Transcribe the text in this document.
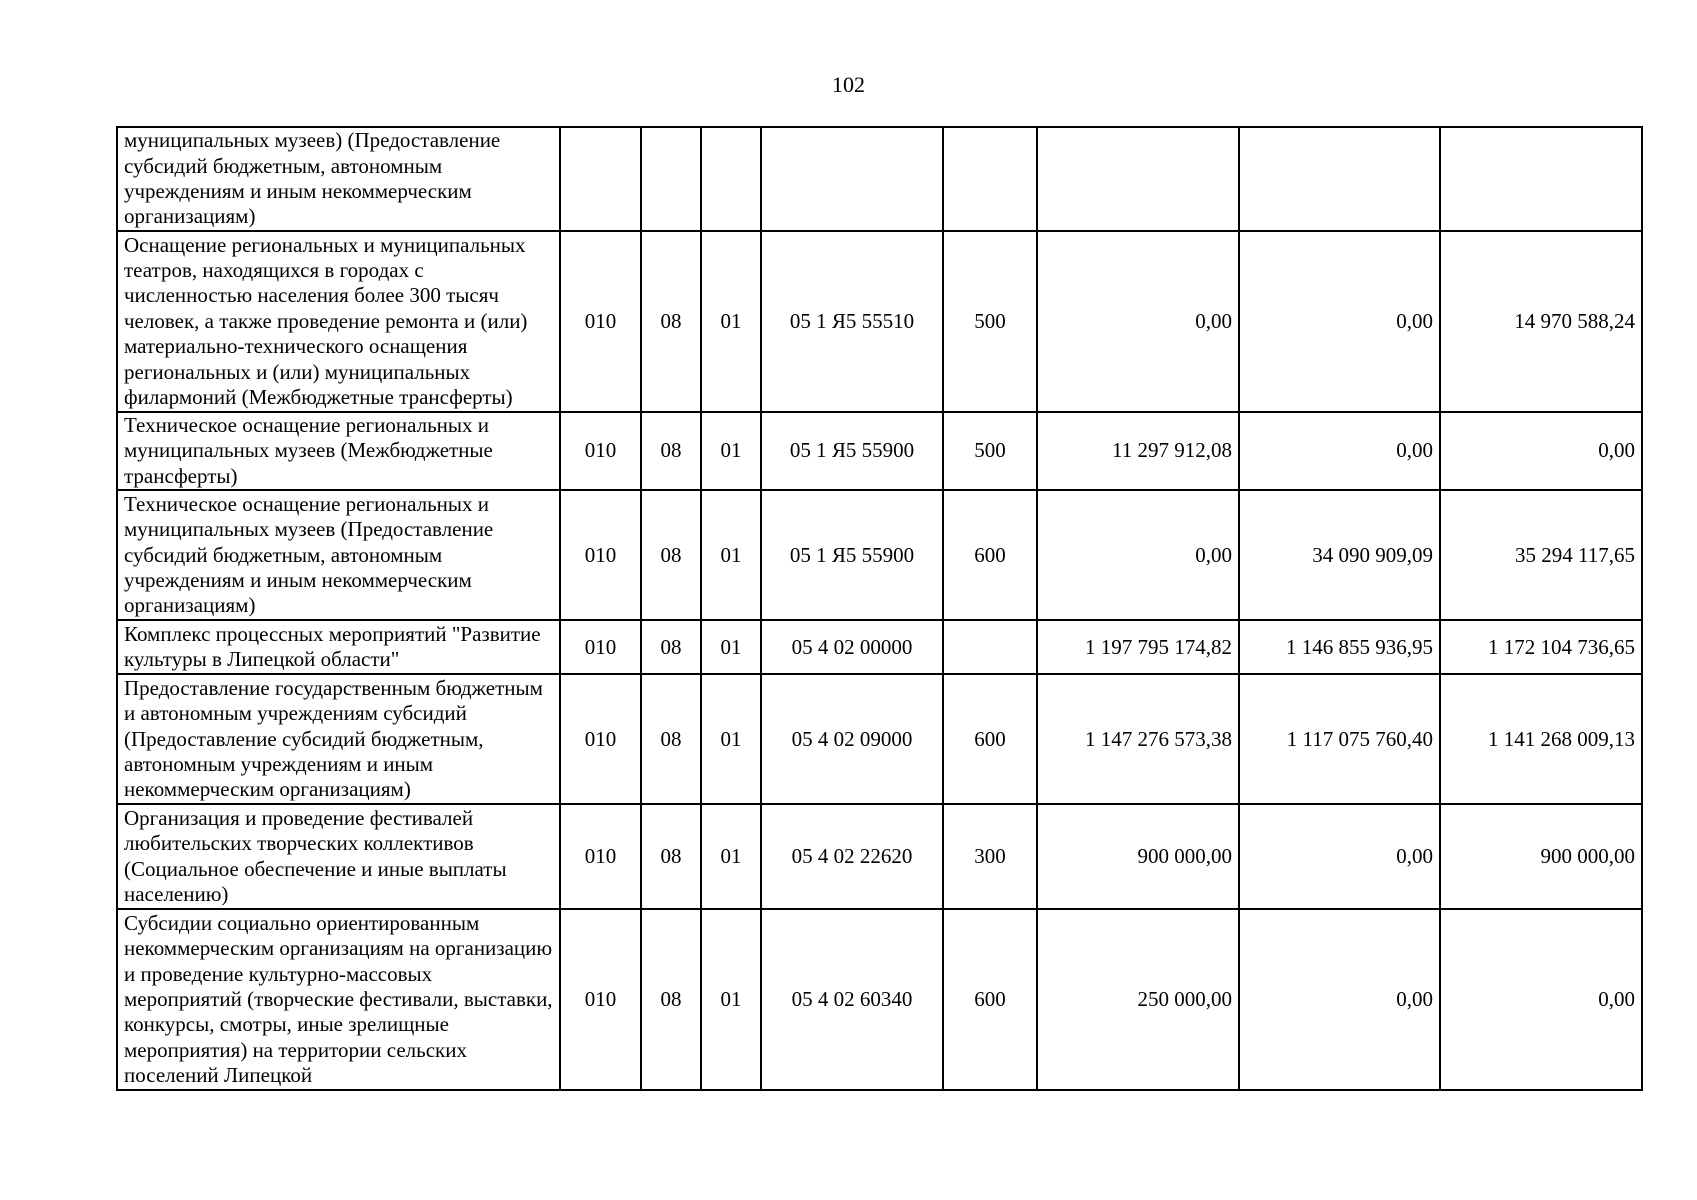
102
муниципальных музеев) (Предоставление субсидий бюджетным, автономным учреждениям и иным некоммерческим организациям)								
Оснащение региональных и муниципальных театров, находящихся в городах с численностью населения более 300 тысяч человек, а также проведение ремонта и (или) материально-технического оснащения региональных и (или) муниципальных филармоний (Межбюджетные трансферты)	010	08	01	05 1 Я5 55510	500	0,00	0,00	14 970 588,24
Техническое оснащение региональных и муниципальных музеев (Межбюджетные трансферты)	010	08	01	05 1 Я5 55900	500	11 297 912,08	0,00	0,00
Техническое оснащение региональных и муниципальных музеев (Предоставление субсидий бюджетным, автономным учреждениям и иным некоммерческим организациям)	010	08	01	05 1 Я5 55900	600	0,00	34 090 909,09	35 294 117,65
Комплекс процессных мероприятий "Развитие культуры в Липецкой области"	010	08	01	05 4 02 00000		1 197 795 174,82	1 146 855 936,95	1 172 104 736,65
Предоставление государственным бюджетным и автономным учреждениям субсидий (Предоставление субсидий бюджетным, автономным учреждениям и иным некоммерческим организациям)	010	08	01	05 4 02 09000	600	1 147 276 573,38	1 117 075 760,40	1 141 268 009,13
Организация и проведение фестивалей любительских творческих коллективов (Социальное обеспечение и иные выплаты населению)	010	08	01	05 4 02 22620	300	900 000,00	0,00	900 000,00
Субсидии социально ориентированным некоммерческим организациям на организацию и проведение культурно-массовых мероприятий (творческие фестивали, выставки, конкурсы, смотры, иные зрелищные мероприятия) на территории сельских поселений Липецкой	010	08	01	05 4 02 60340	600	250 000,00	0,00	0,00
